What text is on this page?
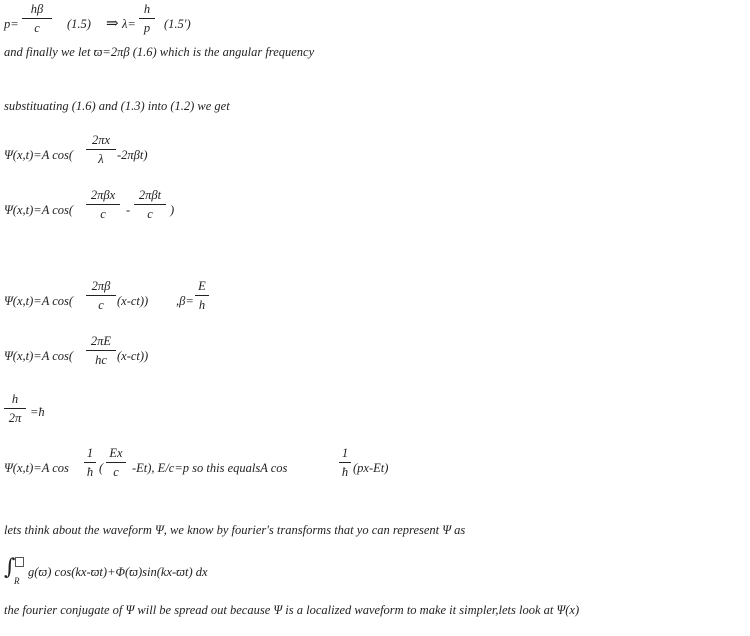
p=
hβ
c	(1.5) ⇒ λ=
h
p	(1.5')
and finally we let ϖ=2πβ (1.6) which is the angular frequency
substituating (1.6) and (1.3) into (1.2) we get
Ψ(x,t)=A cos(
2πx
λ	-2πβt)
Ψ(x,t)=A cos(
2πβx
c	-
2πβt
c	)
Ψ(x,t)=A cos(
2πβ
c	(x-ct)) ,β=
E
h
Ψ(x,t)=A cos(
2πE
hc (x-ct))
h
2π =ħ
Ψ(x,t)=A cos
1
ħ (
Ex
c	-Et), E/c=p so this equalsA cos
1
ħ (px-Et)
lets think about the waveform Ψ, we know by fourier's transforms that yo can represent Ψ as
∫
R
g(ϖ) cos(kx-ϖt)+Φ(ϖ)sin(kx-ϖt) dx
the fourier conjugate of Ψ will be spread out because Ψ is a localized waveform to make it simpler,lets look at Ψ(x)
